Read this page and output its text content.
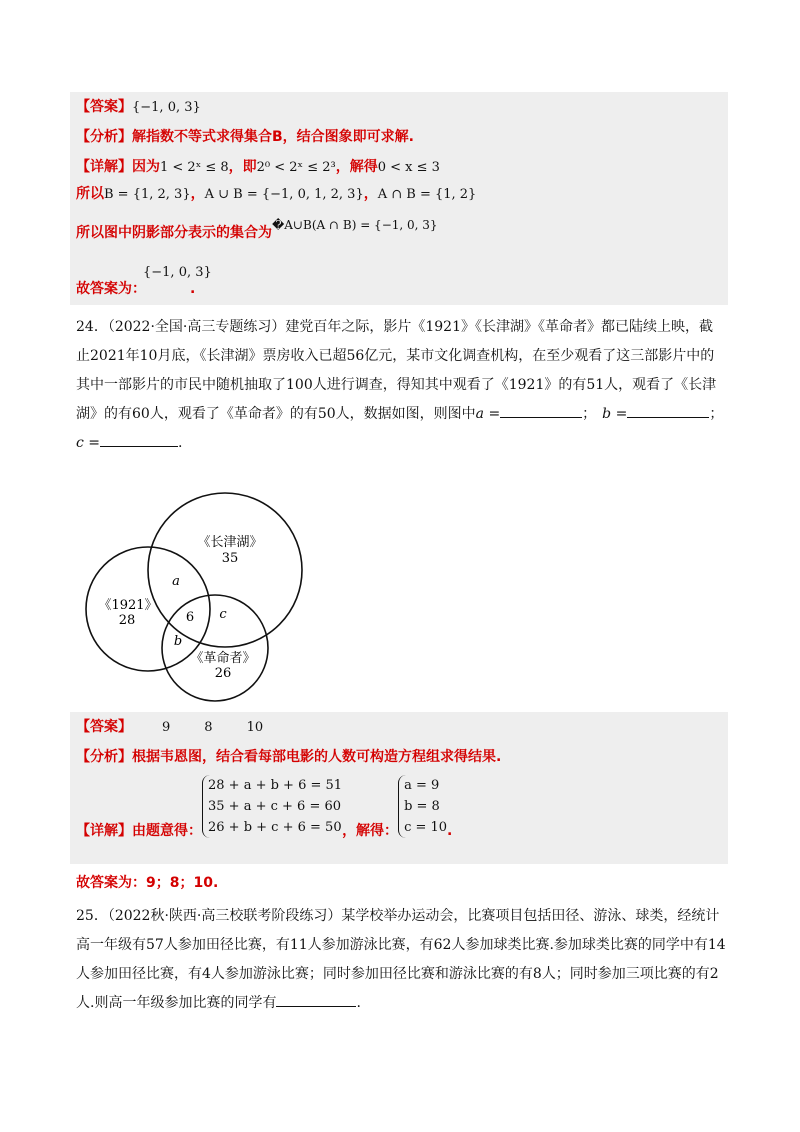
【答案】{−1, 0, 3}
【分析】解指数不等式求得集合B，结合图象即可求解.
【详解】因为1 < 2ˣ ≤ 8，即2⁰ < 2ˣ ≤ 2³，解得0 < x ≤ 3
所以B = {1, 2, 3}，A ∪ B = {−1, 0, 1, 2, 3}，A ∩ B = {1, 2}
所以图中阴影部分表示的集合为�A∪B(A ∩ B) = {−1, 0, 3}
{−1, 0, 3}
故答案为：	.
24．（2022·全国·高三专题练习）建党百年之际，影片《1921》《长津湖》《革命者》都已陆续上映，截
止2021年10月底，《长津湖》票房收入已超56亿元，某市文化调查机构，在至少观看了这三部影片中的
其中一部影片的市民中随机抽取了100人进行调查，得知其中观看了《1921》的有51人，观看了《长津
湖》的有60人，观看了《革命者》的有50人，数据如图，则图中a =	； b =	；
c =	.
《长津湖》
35
《1921》
28
《革命者》
26
6
a
b
c
【答案】 9	8	10
【分析】根据韦恩图，结合看每部电影的人数可构造方程组求得结果.
【详解】由题意得：
28 + a + b + 6 = 51
35 + a + c + 6 = 60
26 + b + c + 6 = 50 ，解得：
a = 9
b = 8
c = 10 .
故答案为：9；8；10.
25．（2022秋·陕西·高三校联考阶段练习）某学校举办运动会，比赛项目包括田径、游泳、球类，经统计
高一年级有57人参加田径比赛，有11人参加游泳比赛，有62人参加球类比赛.参加球类比赛的同学中有14
人参加田径比赛，有4人参加游泳比赛；同时参加田径比赛和游泳比赛的有8人；同时参加三项比赛的有2
人.则高一年级参加比赛的同学有	.
